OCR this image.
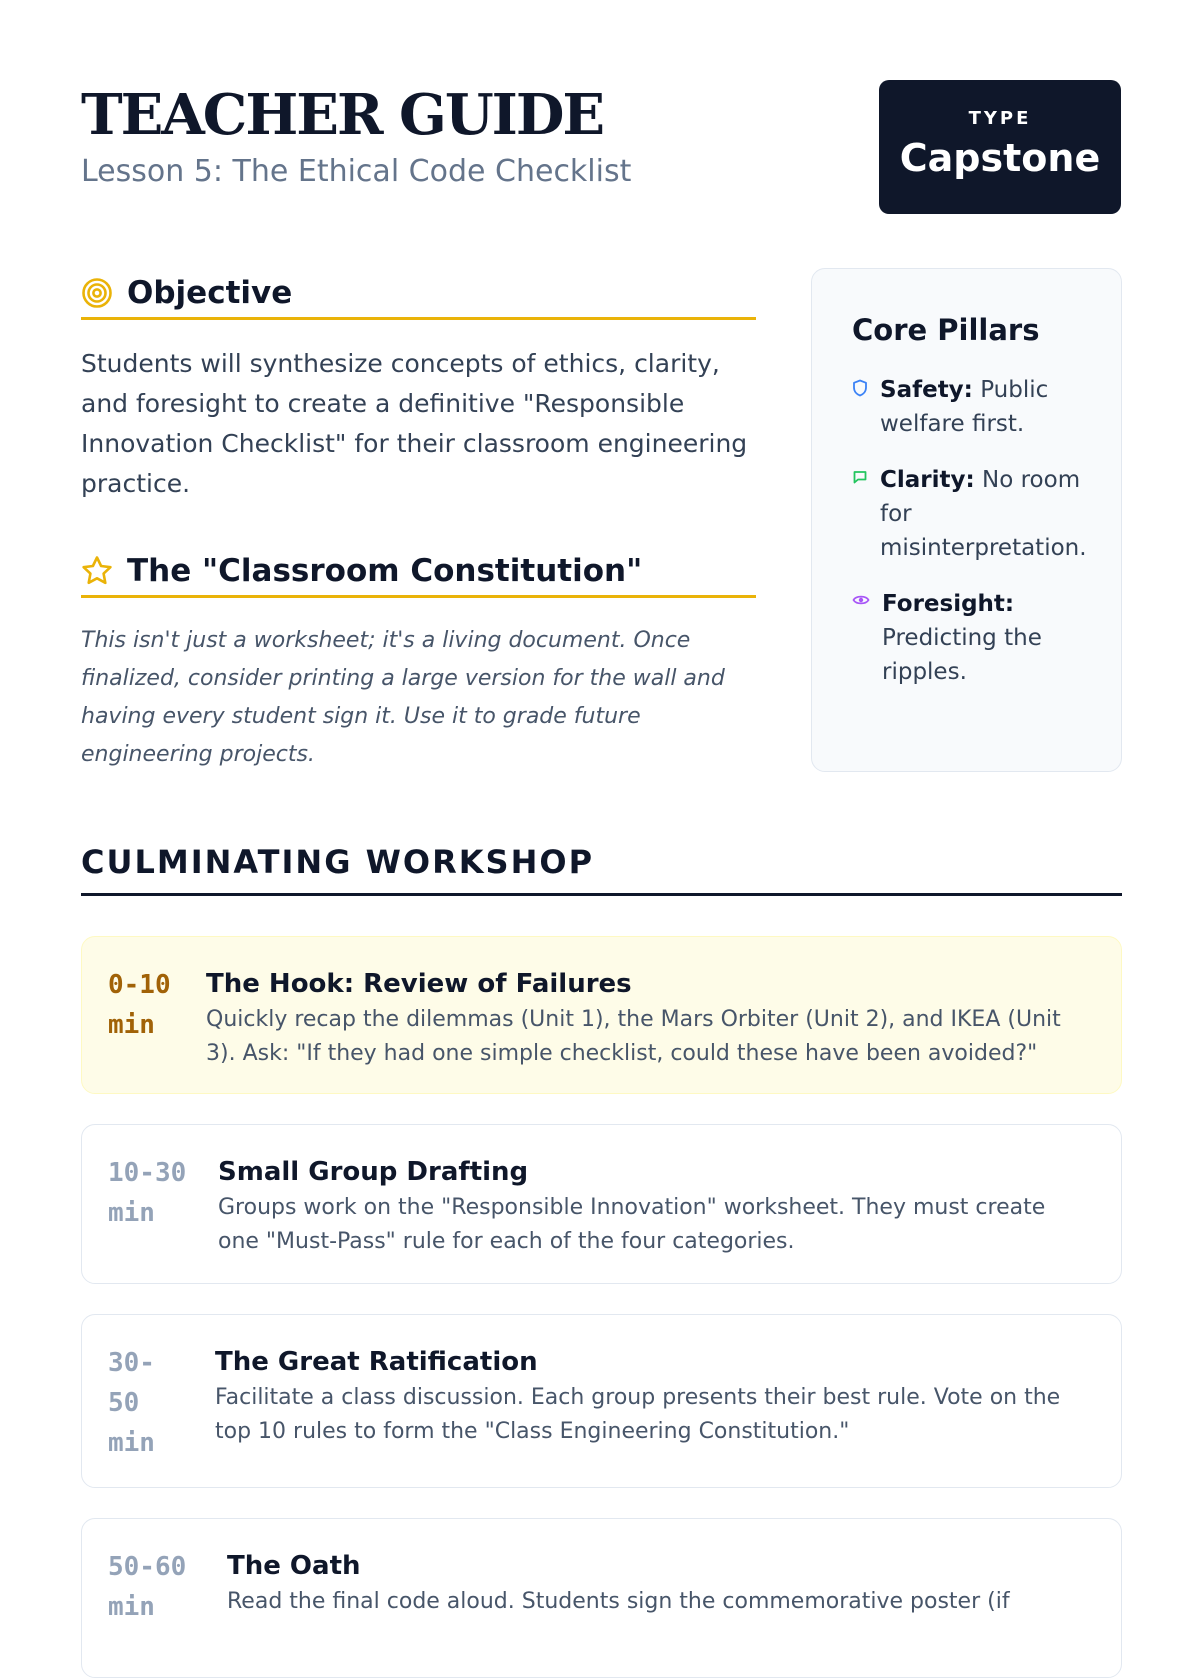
TEACHER GUIDE
Lesson 5: The Ethical Code Checklist
TYPE
Capstone
Objective

Students will synthesize concepts of ethics, clarity, and foresight to create a definitive "Responsible Innovation Checklist" for their classroom engineering practice.

The "Classroom Constitution"

This isn't just a worksheet; it's a living document. Once finalized, consider printing a large version for the wall and having every student sign it. Use it to grade future engineering projects.

Core Pillars
Safety: Public welfare first.
Clarity: No room for misinterpretation.
Foresight: Predicting the ripples.
CULMINATING WORKSHOP
0-10
min
The Hook: Review of Failures
Quickly recap the dilemmas (Unit 1), the Mars Orbiter (Unit 2), and IKEA (Unit 3). Ask: "If they had one simple checklist, could these have been avoided?"
10-30
min
Small Group Drafting
Groups work on the "Responsible Innovation" worksheet. They must create one "Must-Pass" rule for each of the four categories.
30-
50
min
The Great Ratification
Facilitate a class discussion. Each group presents their best rule. Vote on the top 10 rules to form the "Class Engineering Constitution."
50-60
min
The Oath
Read the final code aloud. Students sign the commemorative poster (if
